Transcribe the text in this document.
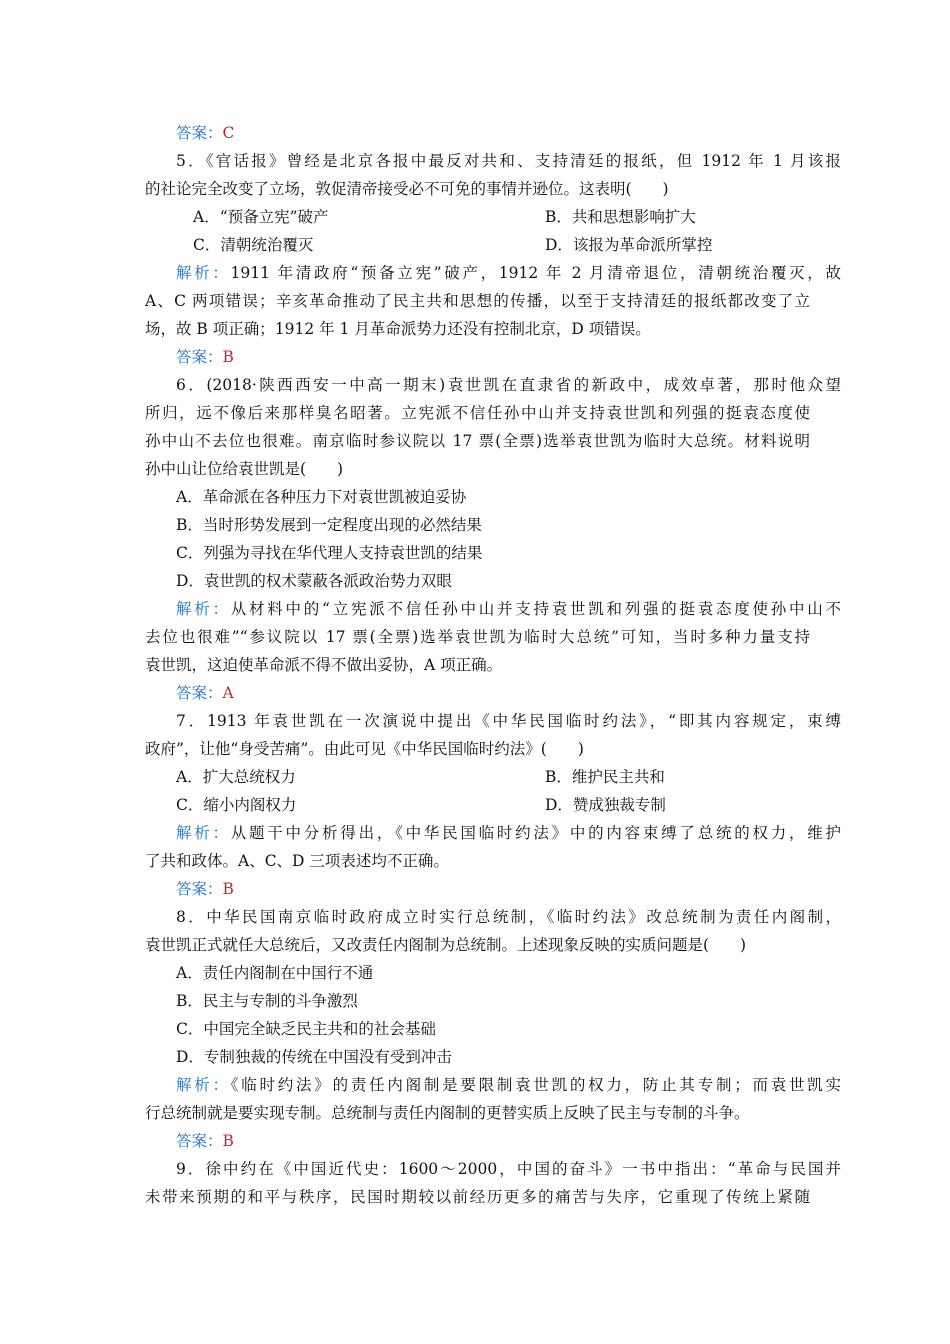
答案：C
5．《官话报》曾经是北京各报中最反对共和、支持清廷的报纸，但 1912 年 1 月该报
的社论完全改变了立场，敦促清帝接受必不可免的事情并逊位。这表明(　　)
A．“预备立宪”破产	B．共和思想影响扩大
C．清朝统治覆灭	D．该报为革命派所掌控
解析：1911 年清政府“预备立宪”破产，1912 年 2 月清帝退位，清朝统治覆灭，故
A、C 两项错误；辛亥革命推动了民主共和思想的传播，以至于支持清廷的报纸都改变了立
场，故 B 项正确；1912 年 1 月革命派势力还没有控制北京，D 项错误。
答案：B
6．(2018·陕西西安一中高一期末)袁世凯在直隶省的新政中，成效卓著，那时他众望
所归，远不像后来那样臭名昭著。立宪派不信任孙中山并支持袁世凯和列强的挺袁态度使
孙中山不去位也很难。南京临时参议院以 17 票(全票)选举袁世凯为临时大总统。材料说明
孙中山让位给袁世凯是(　　)
A．革命派在各种压力下对袁世凯被迫妥协
B．当时形势发展到一定程度出现的必然结果
C．列强为寻找在华代理人支持袁世凯的结果
D．袁世凯的权术蒙蔽各派政治势力双眼
解析：从材料中的“立宪派不信任孙中山并支持袁世凯和列强的挺袁态度使孙中山不
去位也很难”“参议院以 17 票(全票)选举袁世凯为临时大总统”可知，当时多种力量支持
袁世凯，这迫使革命派不得不做出妥协，A 项正确。
答案：A
7．1913 年袁世凯在一次演说中提出《中华民国临时约法》，“即其内容规定，束缚
政府”，让他“身受苦痛”。由此可见《中华民国临时约法》(　　)
A．扩大总统权力	B．维护民主共和
C．缩小内阁权力	D．赞成独裁专制
解析：从题干中分析得出，《中华民国临时约法》中的内容束缚了总统的权力，维护
了共和政体。A、C、D 三项表述均不正确。
答案：B
8．中华民国南京临时政府成立时实行总统制，《临时约法》改总统制为责任内阁制，
袁世凯正式就任大总统后，又改责任内阁制为总统制。上述现象反映的实质问题是(　　)
A．责任内阁制在中国行不通
B．民主与专制的斗争激烈
C．中国完全缺乏民主共和的社会基础
D．专制独裁的传统在中国没有受到冲击
解析：《临时约法》的责任内阁制是要限制袁世凯的权力，防止其专制；而袁世凯实
行总统制就是要实现专制。总统制与责任内阁制的更替实质上反映了民主与专制的斗争。
答案：B
9．徐中约在《中国近代史：1600～2000，中国的奋斗》一书中指出：“革命与民国并
未带来预期的和平与秩序，民国时期较以前经历更多的痛苦与失序，它重现了传统上紧随
